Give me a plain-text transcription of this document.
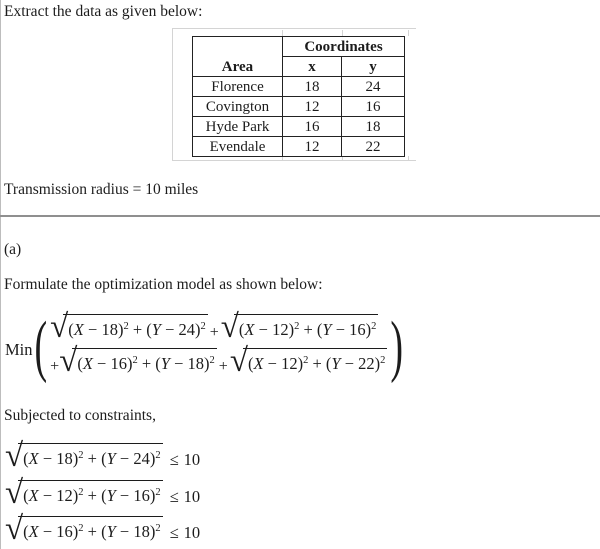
Extract the data as given below:

Area	Coordinates	
	x	y
Florence	18	24
Covington	12	16
Hyde Park	16	18
Evendale	12	22

Transmission radius = 10 miles

(a)

Formulate the optimization model as shown below:

Min ( √ $(X - 18)^2 + (Y - 24)^2$ + √ $(X - 12)^2 + (Y - 16)^2$
+ √ $(X - 16)^2 + (Y - 18)^2$ + √ $(X - 12)^2 + (Y - 22)^2$ )

Subjected to constraints,

√ $(X - 18)^2 + (Y - 24)^2 \le 10$
√ $(X - 12)^2 + (Y - 16)^2 \le 10$
√ $(X - 16)^2 + (Y - 18)^2 \le 10$
